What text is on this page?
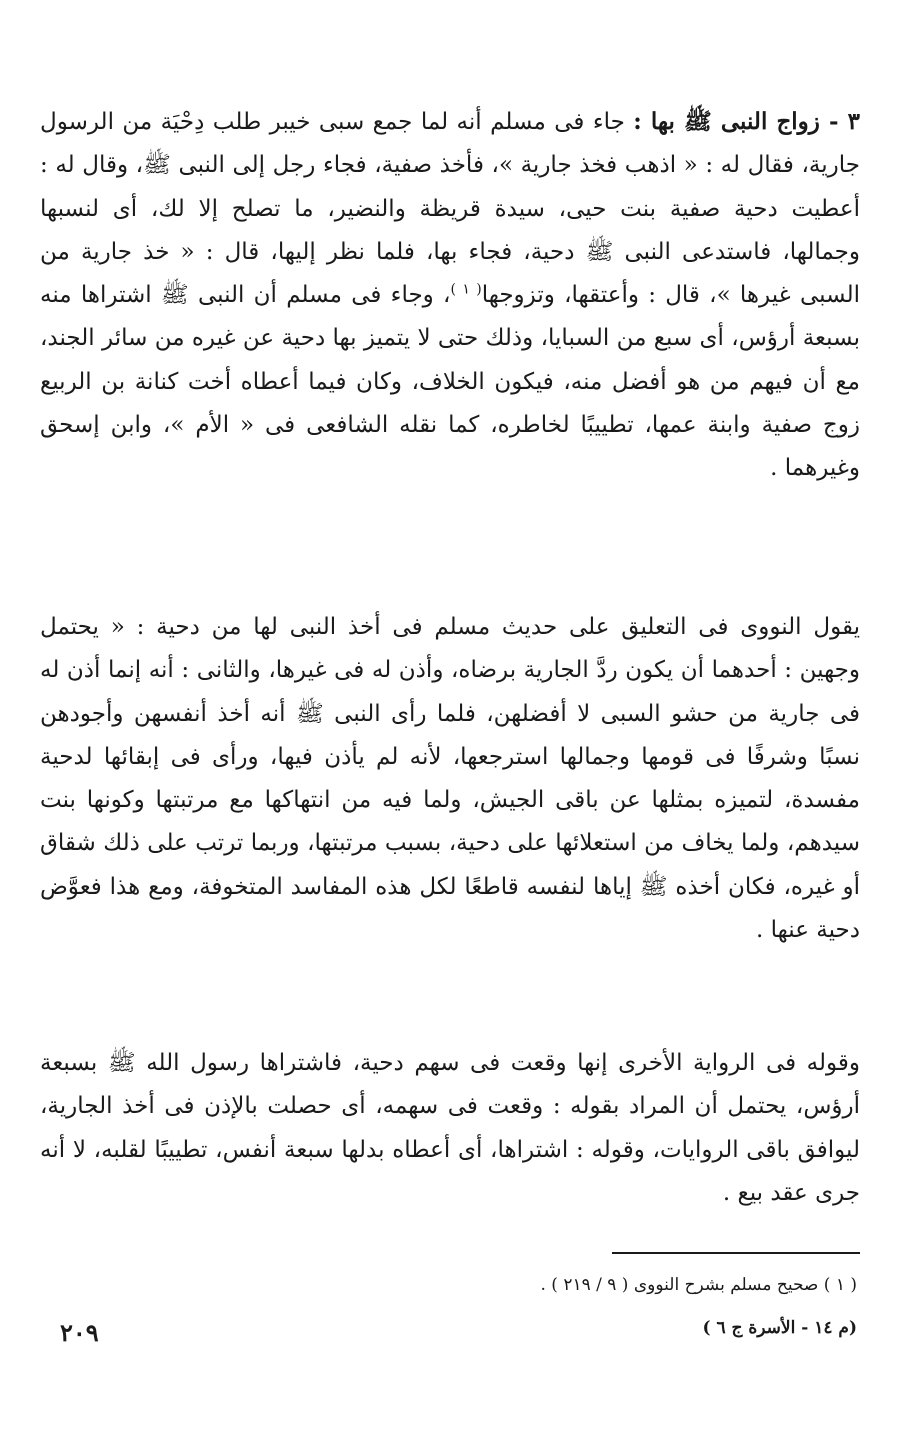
٣ - زواج النبى ﷺ بها : جاء فى مسلم أنه لما جمع سبى خيبر طلب دِحْيَة من الرسول جارية، فقال له : « اذهب فخذ جارية »، فأخذ صفية، فجاء رجل إلى النبى ﷺ، وقال له : أعطيت دحية صفية بنت حيى، سيدة قريظة والنضير، ما تصلح إلا لك، أى لنسبها وجمالها، فاستدعى النبى ﷺ دحية، فجاء بها، فلما نظر إليها، قال : « خذ جارية من السبى غيرها »، قال : وأعتقها، وتزوجها$^{( ١ )}$، وجاء فى مسلم أن النبى ﷺ اشتراها منه بسبعة أرؤس، أى سبع من السبايا، وذلك حتى لا يتميز بها دحية عن غيره من سائر الجند، مع أن فيهم من هو أفضل منه، فيكون الخلاف، وكان فيما أعطاه أخت كنانة بن الربيع زوج صفية وابنة عمها، تطييبًا لخاطره، كما نقله الشافعى فى « الأم »، وابن إسحق وغيرهما .

يقول النووى فى التعليق على حديث مسلم فى أخذ النبى لها من دحية : « يحتمل وجهين : أحدهما أن يكون ردَّ الجارية برضاه، وأذن له فى غيرها، والثانى : أنه إنما أذن له فى جارية من حشو السبى لا أفضلهن، فلما رأى النبى ﷺ أنه أخذ أنفسهن وأجودهن نسبًا وشرفًا فى قومها وجمالها استرجعها، لأنه لم يأذن فيها، ورأى فى إبقائها لدحية مفسدة، لتميزه بمثلها عن باقى الجيش، ولما فيه من انتهاكها مع مرتبتها وكونها بنت سيدهم، ولما يخاف من استعلائها على دحية، بسبب مرتبتها، وربما ترتب على ذلك شقاق أو غيره، فكان أخذه ﷺ إياها لنفسه قاطعًا لكل هذه المفاسد المتخوفة، ومع هذا فعوَّض دحية عنها .

وقوله فى الرواية الأخرى إنها وقعت فى سهم دحية، فاشتراها رسول الله ﷺ بسبعة أرؤس، يحتمل أن المراد بقوله : وقعت فى سهمه، أى حصلت بالإذن فى أخذ الجارية، ليوافق باقى الروايات، وقوله : اشتراها، أى أعطاه بدلها سبعة أنفس، تطييبًا لقلبه، لا أنه جرى عقد بيع .

( ١ ) صحيح مسلم بشرح النووى ( ٩ / ٢١٩ ) .
(م ١٤ - الأسرة ج ٦ )
٢٠٩
